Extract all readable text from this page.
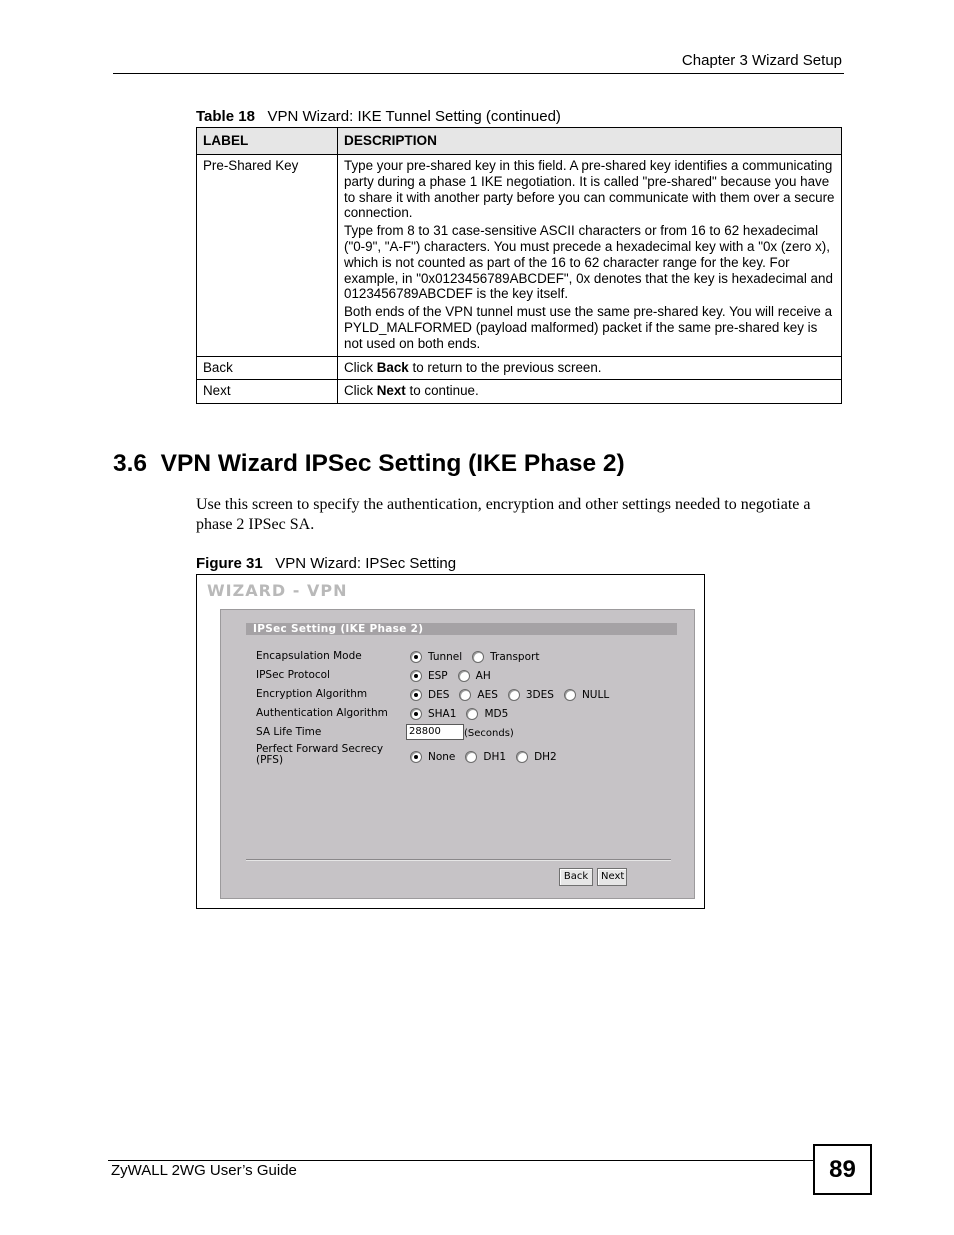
Chapter 3 Wizard Setup
Table 18 VPN Wizard: IKE Tunnel Setting (continued)
LABEL	DESCRIPTION
Pre-Shared Key	Type your pre-shared key in this field. A pre-shared key identifies a communicating party during a phase 1 IKE negotiation. It is called "pre-shared" because you have to share it with another party before you can communicate with them over a secure connection.

Type from 8 to 31 case-sensitive ASCII characters or from 16 to 62 hexadecimal ("0-9", "A-F") characters. You must precede a hexadecimal key with a "0x (zero x), which is not counted as part of the 16 to 62 character range for the key. For example, in "0x0123456789ABCDEF", 0x denotes that the key is hexadecimal and 0123456789ABCDEF is the key itself.

Both ends of the VPN tunnel must use the same pre-shared key. You will receive a PYLD_MALFORMED (payload malformed) packet if the same pre-shared key is not used on both ends.

Back	Click Back to return to the previous screen.
Next	Click Next to continue.
3.6  VPN Wizard IPSec Setting (IKE Phase 2)
Use this screen to specify the authentication, encryption and other settings needed to negotiate a phase 2 IPSec SA.
Figure 31 VPN Wizard: IPSec Setting
WIZARD - VPN
IPSec Setting (IKE Phase 2)
Encapsulation Mode	Tunnel	Transport
IPSec Protocol	ESP	AH
Encryption Algorithm	DES	AES	3DES	NULL
Authentication Algorithm	SHA1	MD5
SA Life Time	28800	(Seconds)
Perfect Forward Secrecy
(PFS)	None	DH1	DH2
Back	Next
ZyWALL 2WG User’s Guide	89
